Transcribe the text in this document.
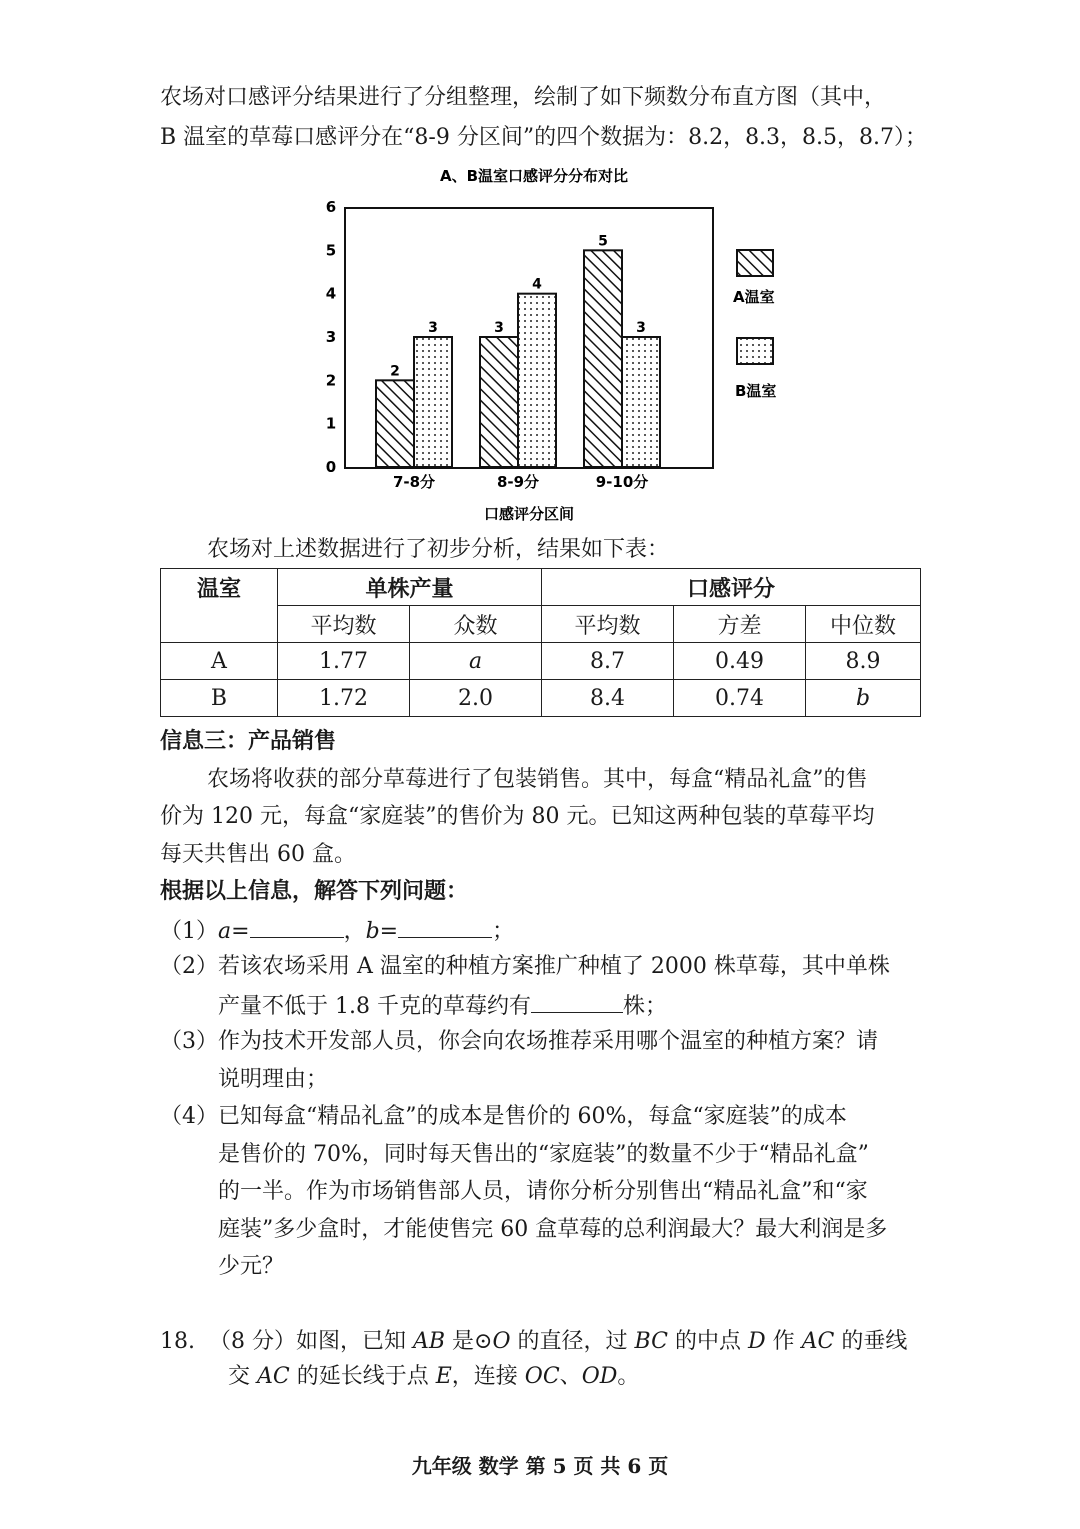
农场对口感评分结果进行了分组整理，绘制了如下频数分布直方图（其中，
B 温室的草莓口感评分在“8-9 分区间”的四个数据为：8.2，8.3，8.5，8.7）；
A、B温室口感评分分布对比
0
1
2
3
4
5
6
2
3	3
4
5
3
7-8分	8-9分	9-10分
口感评分区间
A温室
B温室
农场对上述数据进行了初步分析，结果如下表：
温室	单株产量		口感评分		
	平均数	众数	平均数	方差	中位数
A	1.77	a	8.7	0.49	8.9
B	1.72	2.0	8.4	0.74	b
信息三：产品销售
农场将收获的部分草莓进行了包装销售。其中，每盒“精品礼盒”的售
价为 120 元，每盒“家庭装”的售价为 80 元。已知这两种包装的草莓平均
每天共售出 60 盒。
根据以上信息，解答下列问题：
（1）a=	，b=	；
（2）若该农场采用 A 温室的种植方案推广种植了 2000 株草莓，其中单株
产量不低于 1.8 千克的草莓约有	株；
（3）作为技术开发部人员，你会向农场推荐采用哪个温室的种植方案？请
说明理由；
（4）已知每盒“精品礼盒”的成本是售价的 60%，每盒“家庭装”的成本
是售价的 70%，同时每天售出的“家庭装”的数量不少于“精品礼盒”
的一半。作为市场销售部人员，请你分析分别售出“精品礼盒”和“家
庭装”多少盒时，才能使售完 60 盒草莓的总利润最大？最大利润是多
少元？
18. （8 分）如图，已知 AB 是⊙O 的直径，过 BC 的中点 D 作 AC 的垂线
交 AC 的延长线于点 E，连接 OC、OD。
九年级 数学 第 5 页 共 6 页
